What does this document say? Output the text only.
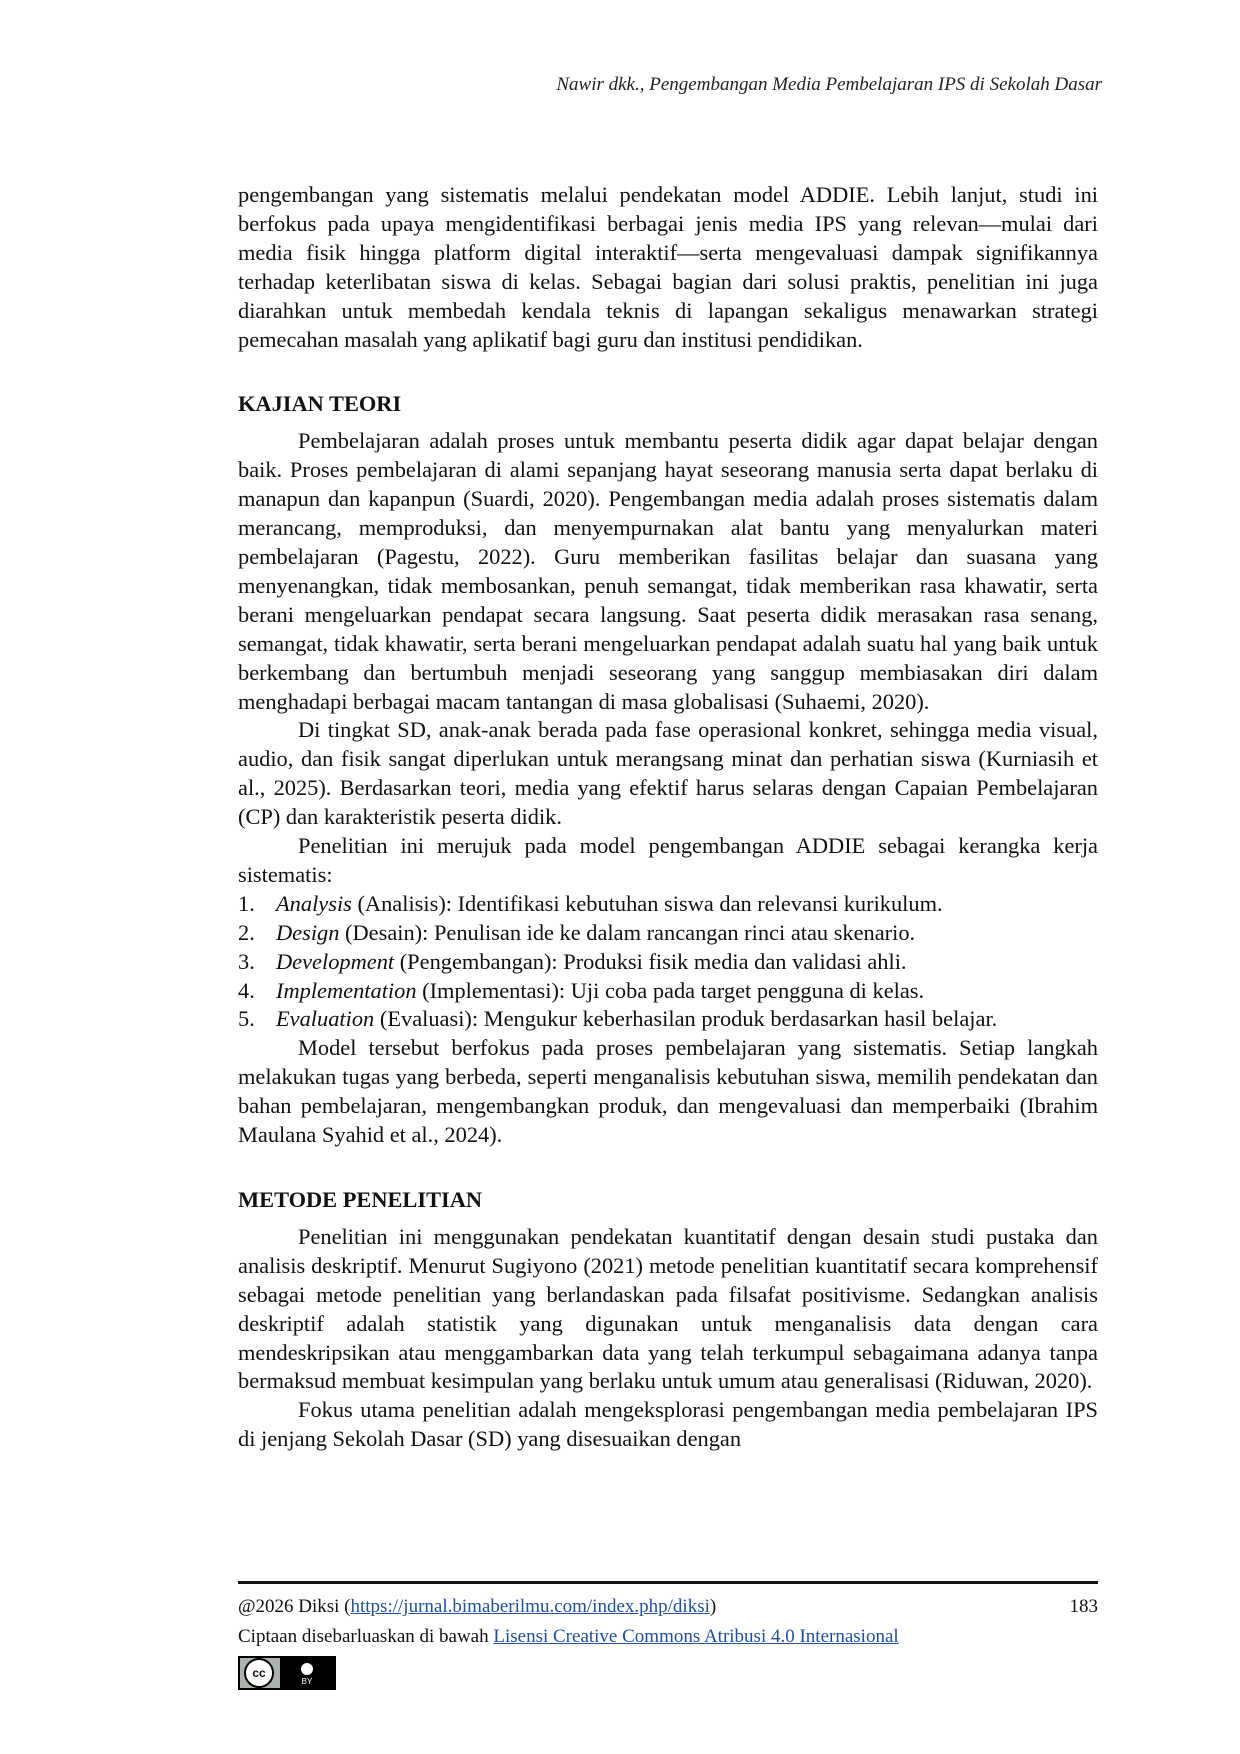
Nawir dkk., Pengembangan Media Pembelajaran IPS di Sekolah Dasar

pengembangan yang sistematis melalui pendekatan model ADDIE. Lebih lanjut, studi ini berfokus pada upaya mengidentifikasi berbagai jenis media IPS yang relevan—mulai dari media fisik hingga platform digital interaktif—serta mengevaluasi dampak signifikannya terhadap keterlibatan siswa di kelas. Sebagai bagian dari solusi praktis, penelitian ini juga diarahkan untuk membedah kendala teknis di lapangan sekaligus menawarkan strategi pemecahan masalah yang aplikatif bagi guru dan institusi pendidikan.

KAJIAN TEORI

Pembelajaran adalah proses untuk membantu peserta didik agar dapat belajar dengan baik. Proses pembelajaran di alami sepanjang hayat seseorang manusia serta dapat berlaku di manapun dan kapanpun (Suardi, 2020). Pengembangan media adalah proses sistematis dalam merancang, memproduksi, dan menyempurnakan alat bantu yang menyalurkan materi pembelajaran (Pagestu, 2022). Guru memberikan fasilitas belajar dan suasana yang menyenangkan, tidak membosankan, penuh semangat, tidak memberikan rasa khawatir, serta berani mengeluarkan pendapat secara langsung. Saat peserta didik merasakan rasa senang, semangat, tidak khawatir, serta berani mengeluarkan pendapat adalah suatu hal yang baik untuk berkembang dan bertumbuh menjadi seseorang yang sanggup membiasakan diri dalam menghadapi berbagai macam tantangan di masa globalisasi (Suhaemi, 2020).

Di tingkat SD, anak-anak berada pada fase operasional konkret, sehingga media visual, audio, dan fisik sangat diperlukan untuk merangsang minat dan perhatian siswa (Kurniasih et al., 2025). Berdasarkan teori, media yang efektif harus selaras dengan Capaian Pembelajaran (CP) dan karakteristik peserta didik.

Penelitian ini merujuk pada model pengembangan ADDIE sebagai kerangka kerja sistematis:

1. Analysis (Analisis): Identifikasi kebutuhan siswa dan relevansi kurikulum.
2. Design (Desain): Penulisan ide ke dalam rancangan rinci atau skenario.
3. Development (Pengembangan): Produksi fisik media dan validasi ahli.
4. Implementation (Implementasi): Uji coba pada target pengguna di kelas.
5. Evaluation (Evaluasi): Mengukur keberhasilan produk berdasarkan hasil belajar.

Model tersebut berfokus pada proses pembelajaran yang sistematis. Setiap langkah melakukan tugas yang berbeda, seperti menganalisis kebutuhan siswa, memilih pendekatan dan bahan pembelajaran, mengembangkan produk, dan mengevaluasi dan memperbaiki (Ibrahim Maulana Syahid et al., 2024).

METODE PENELITIAN

Penelitian ini menggunakan pendekatan kuantitatif dengan desain studi pustaka dan analisis deskriptif. Menurut Sugiyono (2021) metode penelitian kuantitatif secara komprehensif sebagai metode penelitian yang berlandaskan pada filsafat positivisme. Sedangkan analisis deskriptif adalah statistik yang digunakan untuk menganalisis data dengan cara mendeskripsikan atau menggambarkan data yang telah terkumpul sebagaimana adanya tanpa bermaksud membuat kesimpulan yang berlaku untuk umum atau generalisasi (Riduwan, 2020).

Fokus utama penelitian adalah mengeksplorasi pengembangan media pembelajaran IPS di jenjang Sekolah Dasar (SD) yang disesuaikan dengan

@2026 Diksi (https://jurnal.bimaberilmu.com/index.php/diksi)	183
Ciptaan disebarluaskan di bawah Lisensi Creative Commons Atribusi 4.0 Internasional
cc
BY
